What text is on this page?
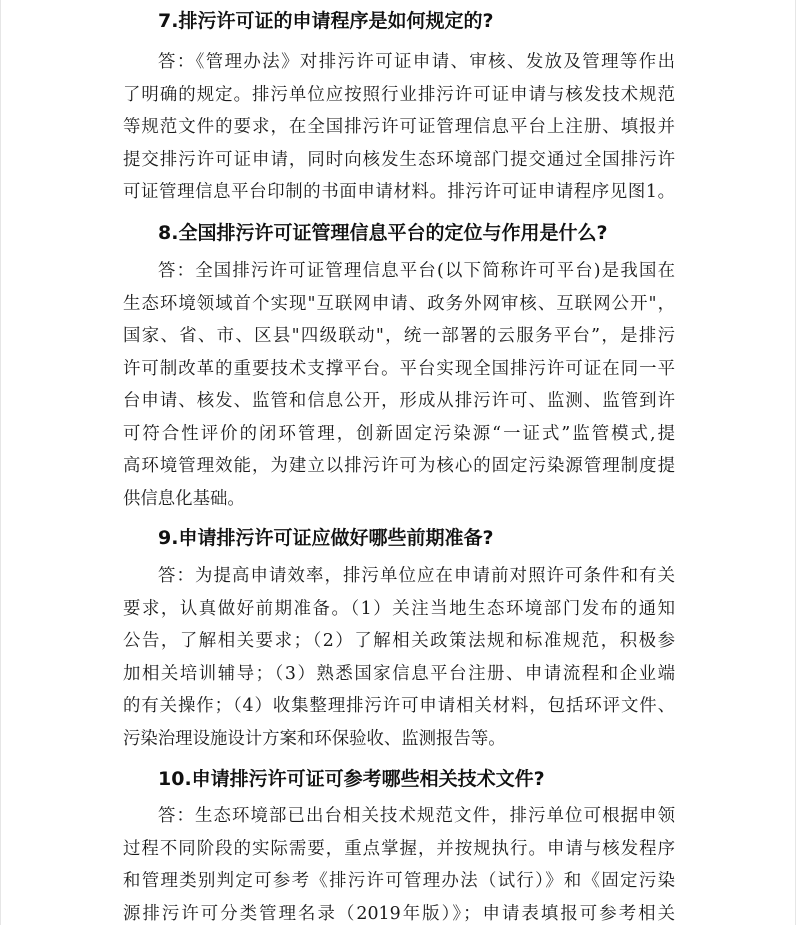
7.排污许可证的申请程序是如何规定的?
答：《管理办法》对排污许可证申请、审核、发放及管理等作出
了明确的规定。排污单位应按照行业排污许可证申请与核发技术规范
等规范文件的要求，在全国排污许可证管理信息平台上注册、填报并
提交排污许可证申请，同时向核发生态环境部门提交通过全国排污许
可证管理信息平台印制的书面申请材料。排污许可证申请程序见图1。
8.全国排污许可证管理信息平台的定位与作用是什么?
答：全国排污许可证管理信息平台(以下简称许可平台)是我国在
生态环境领域首个实现"互联网申请、政务外网审核、互联网公开"，
国家、省、市、区县"四级联动"，统一部署的云服务平台”，是排污
许可制改革的重要技术支撑平台。平台实现全国排污许可证在同一平
台申请、核发、监管和信息公开，形成从排污许可、监测、监管到许
可符合性评价的闭环管理，创新固定污染源“一证式”监管模式,提
高环境管理效能，为建立以排污许可为核心的固定污染源管理制度提
供信息化基础。
9.申请排污许可证应做好哪些前期准备?
答：为提高申请效率，排污单位应在申请前对照许可条件和有关
要求，认真做好前期准备。（1）关注当地生态环境部门发布的通知
公告，了解相关要求；（2）了解相关政策法规和标准规范，积极参
加相关培训辅导；（3）熟悉国家信息平台注册、申请流程和企业端
的有关操作；（4）收集整理排污许可申请相关材料，包括环评文件、
污染治理设施设计方案和环保验收、监测报告等。
10.申请排污许可证可参考哪些相关技术文件?
答：生态环境部已出台相关技术规范文件，排污单位可根据申领
过程不同阶段的实际需要，重点掌握，并按规执行。申请与核发程序
和管理类别判定可参考《排污许可管理办法（试行）》和《固定污染
源排污许可分类管理名录（2019年版）》；申请表填报可参考相关
